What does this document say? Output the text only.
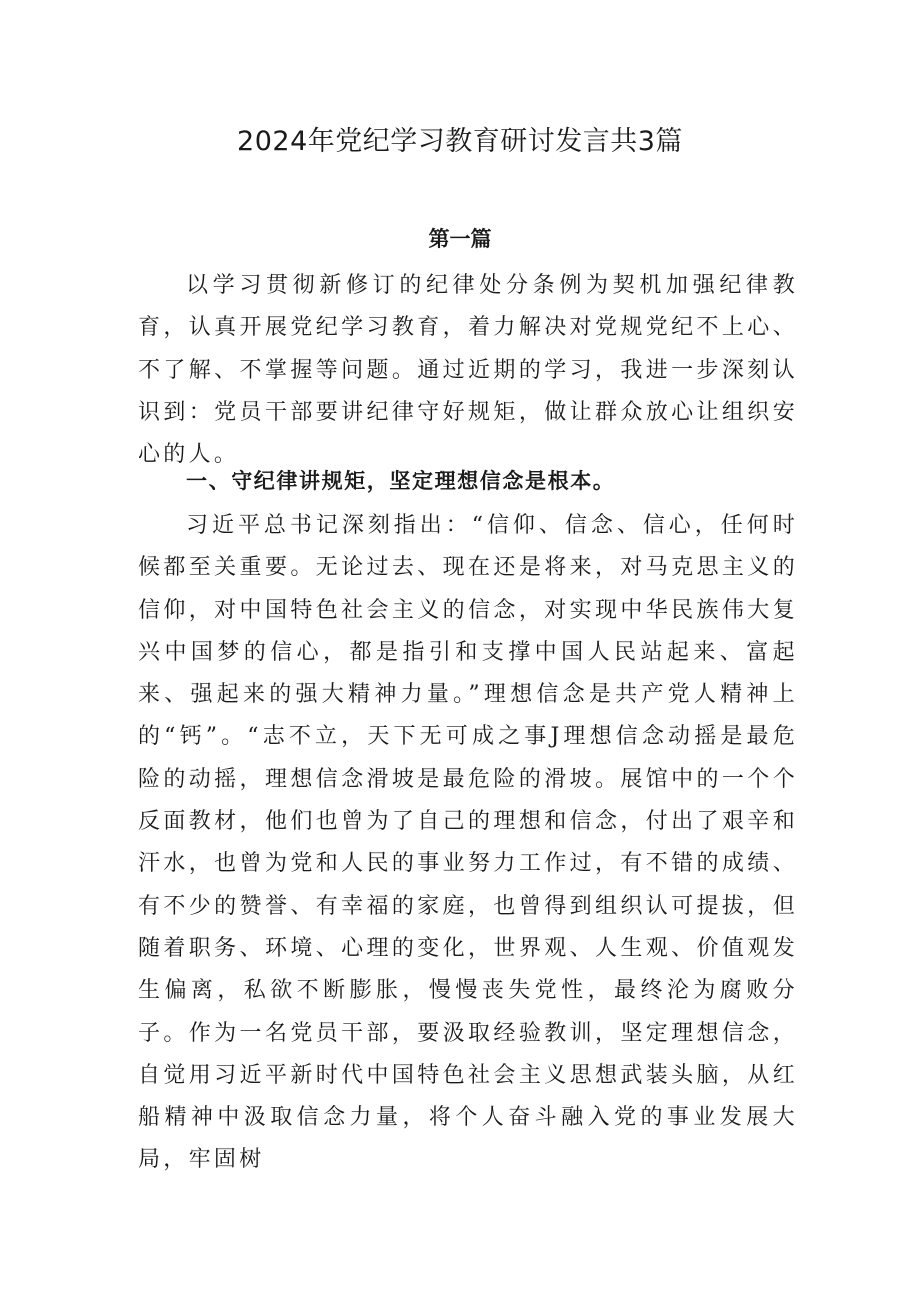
2024年党纪学习教育研讨发言共3篇
第一篇

以学习贯彻新修订的纪律处分条例为契机加强纪律教育，认真开展党纪学习教育，着力解决对党规党纪不上心、不了解、不掌握等问题。通过近期的学习，我进一步深刻认识到：党员干部要讲纪律守好规矩，做让群众放心让组织安心的人。

一、守纪律讲规矩，坚定理想信念是根本。

习近平总书记深刻指出：“信仰、信念、信心，任何时候都至关重要。无论过去、现在还是将来，对马克思主义的信仰，对中国特色社会主义的信念，对实现中华民族伟大复兴中国梦的信心，都是指引和支撑中国人民站起来、富起来、强起来的强大精神力量。”理想信念是共产党人精神上的“钙”。“志不立，天下无可成之事J理想信念动摇是最危险的动摇，理想信念滑坡是最危险的滑坡。展馆中的一个个反面教材，他们也曾为了自己的理想和信念，付出了艰辛和汗水，也曾为党和人民的事业努力工作过，有不错的成绩、有不少的赞誉、有幸福的家庭，也曾得到组织认可提拔，但随着职务、环境、心理的变化，世界观、人生观、价值观发生偏离，私欲不断膨胀，慢慢丧失党性，最终沦为腐败分子。作为一名党员干部，要汲取经验教训，坚定理想信念，自觉用习近平新时代中国特色社会主义思想武装头脑，从红船精神中汲取信念力量，将个人奋斗融入党的事业发展大局，牢固树
